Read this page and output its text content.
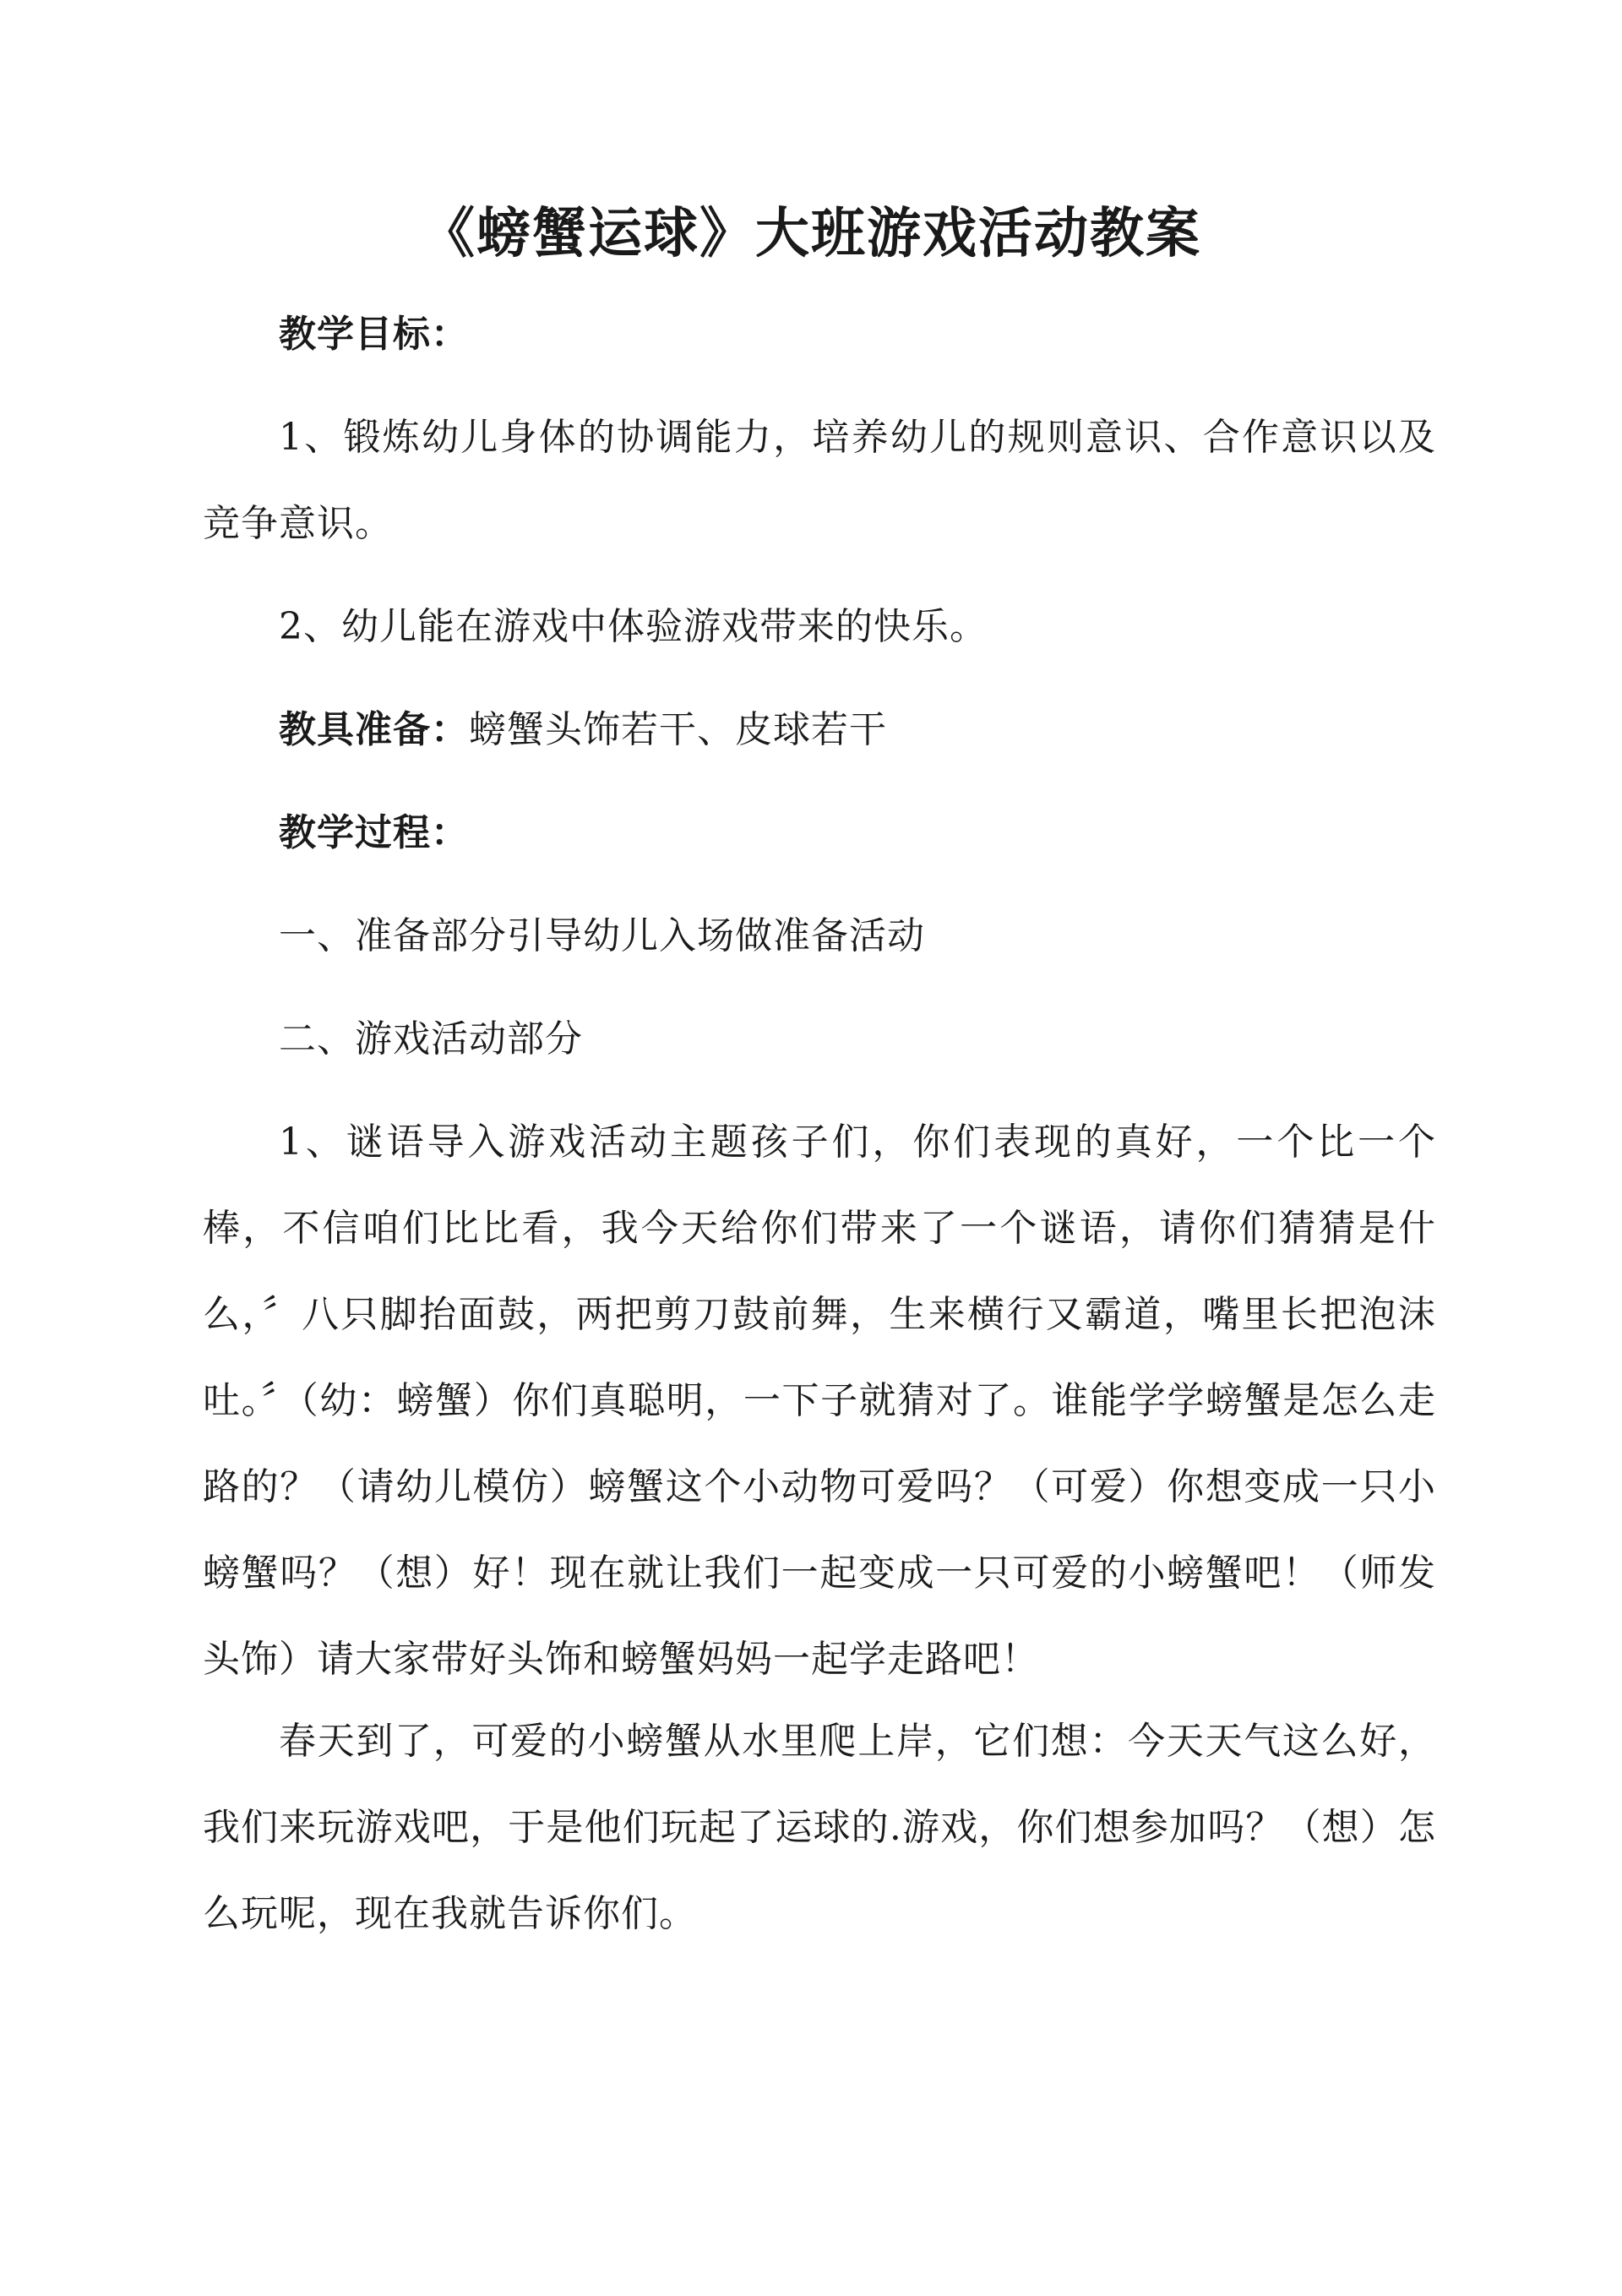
《螃蟹运球》大班游戏活动教案

教学目标：

1、锻炼幼儿身体的协调能力，培养幼儿的规则意识、合作意识以及竞争意识。

2、幼儿能在游戏中体验游戏带来的快乐。

教具准备：螃蟹头饰若干、皮球若干

教学过程：

一、准备部分引导幼儿入场做准备活动

二、游戏活动部分

1、谜语导入游戏活动主题孩子们，你们表现的真好，一个比一个棒，不信咱们比比看，我今天给你们带来了一个谜语，请你们猜猜是什么，〞八只脚抬面鼓，两把剪刀鼓前舞，生来横行又霸道，嘴里长把泡沫吐。〞（幼：螃蟹）你们真聪明，一下子就猜对了。谁能学学螃蟹是怎么走路的？（请幼儿模仿）螃蟹这个小动物可爱吗？（可爱）你想变成一只小螃蟹吗？（想）好！现在就让我们一起变成一只可爱的小螃蟹吧！（师发头饰）请大家带好头饰和螃蟹妈妈一起学走路吧！

春天到了，可爱的小螃蟹从水里爬上岸，它们想：今天天气这么好，我们来玩游戏吧，于是他们玩起了运球的.游戏，你们想参加吗？（想）怎么玩呢，现在我就告诉你们。
